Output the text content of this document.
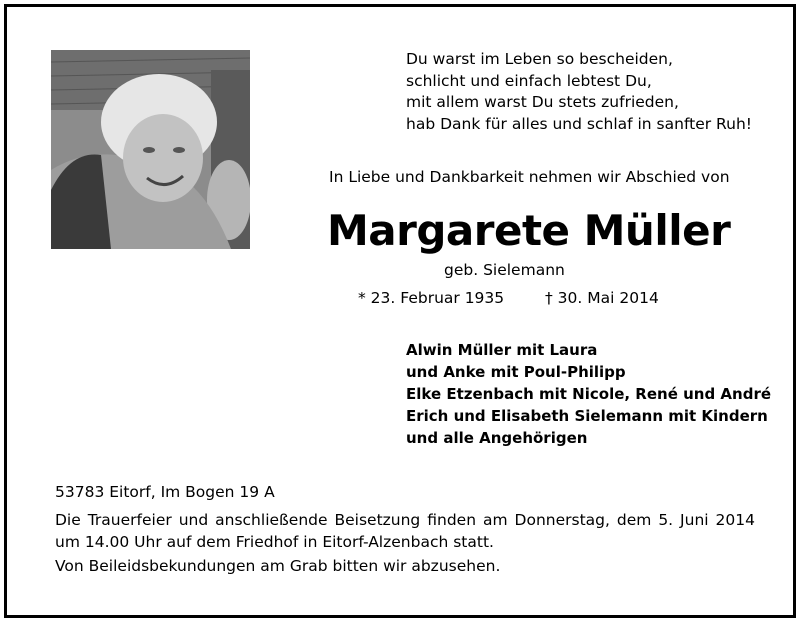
Du warst im Leben so bescheiden,
schlicht und einfach lebtest Du,
mit allem warst Du stets zufrieden,
hab Dank für alles und schlaf in sanfter Ruh!
In Liebe und Dankbarkeit nehmen wir Abschied von
Margarete Müller
geb. Sielemann
* 23. Februar 1935	† 30. Mai 2014
Alwin Müller mit Laura
und Anke mit Poul-Philipp
Elke Etzenbach mit Nicole, René und André
Erich und Elisabeth Sielemann mit Kindern
und alle Angehörigen
53783 Eitorf, Im Bogen 19 A
Die Trauerfeier und anschließende Beisetzung finden am Donnerstag, dem 5. Juni 2014 um 14.00 Uhr auf dem Friedhof in Eitorf-Alzenbach statt.
Von Beileidsbekundungen am Grab bitten wir abzusehen.
